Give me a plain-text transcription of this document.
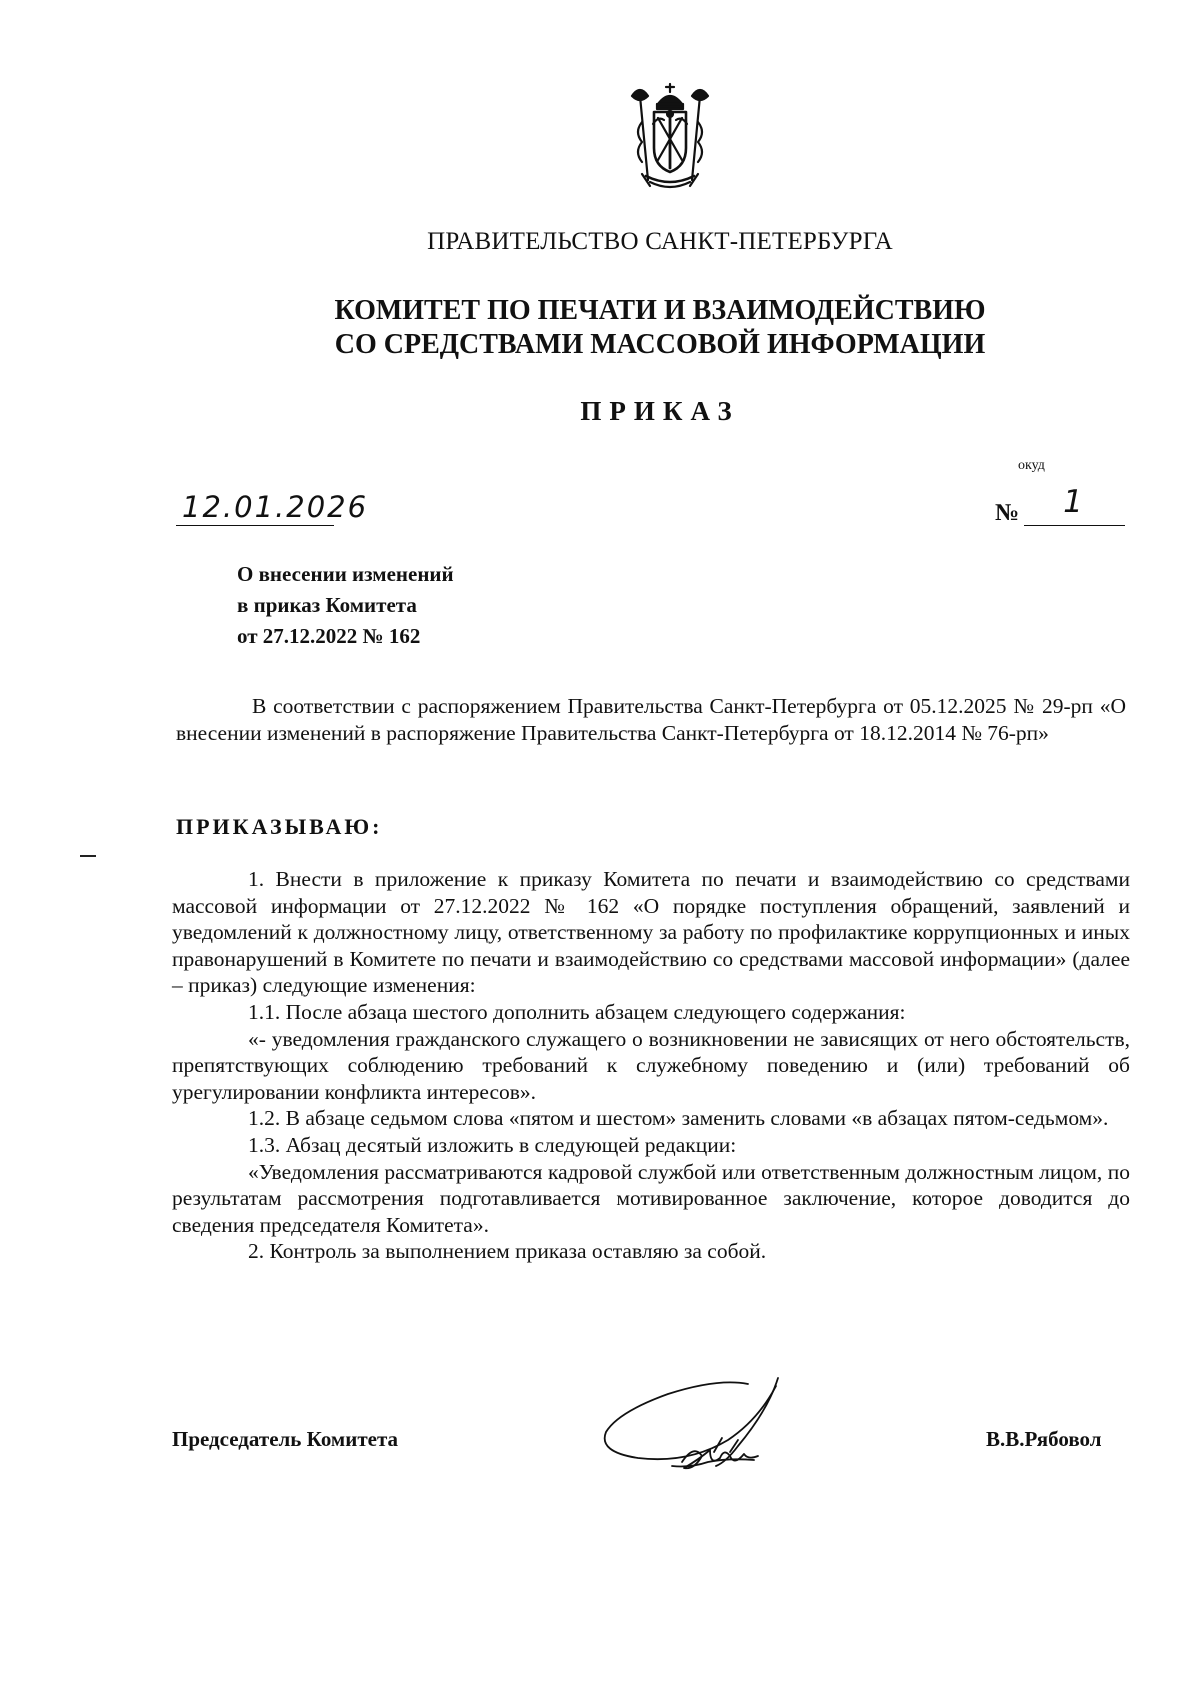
ПРАВИТЕЛЬСТВО САНКТ-ПЕТЕРБУРГА
КОМИТЕТ ПО ПЕЧАТИ И ВЗАИМОДЕЙСТВИЮ
СО СРЕДСТВАМИ МАССОВОЙ ИНФОРМАЦИИ
ПРИКАЗ
окуд
12.01.2026	№	1
О внесении изменений
в приказ Комитета
от 27.12.2022 № 162
В соответствии с распоряжением Правительства Санкт-Петербурга от 05.12.2025 № 29-рп «О внесении изменений в распоряжение Правительства Санкт-Петербурга от 18.12.2014 № 76-рп»
ПРИКАЗЫВАЮ:

1. Внести в приложение к приказу Комитета по печати и взаимодействию со средствами массовой информации от 27.12.2022 № 162 «О порядке поступления обращений, заявлений и уведомлений к должностному лицу, ответственному за работу по профилактике коррупционных и иных правонарушений в Комитете по печати и взаимодействию со средствами массовой информации» (далее – приказ) следующие изменения:

1.1. После абзаца шестого дополнить абзацем следующего содержания:

«- уведомления гражданского служащего о возникновении не зависящих от него обстоятельств, препятствующих соблюдению требований к служебному поведению и (или) требований об урегулировании конфликта интересов».

1.2. В абзаце седьмом слова «пятом и шестом» заменить словами «в абзацах пятом-седьмом».

1.3. Абзац десятый изложить в следующей редакции:

«Уведомления рассматриваются кадровой службой или ответственным должностным лицом, по результатам рассмотрения подготавливается мотивированное заключение, которое доводится до сведения председателя Комитета».

2. Контроль за выполнением приказа оставляю за собой.

Председатель Комитета	В.В.Рябовол
